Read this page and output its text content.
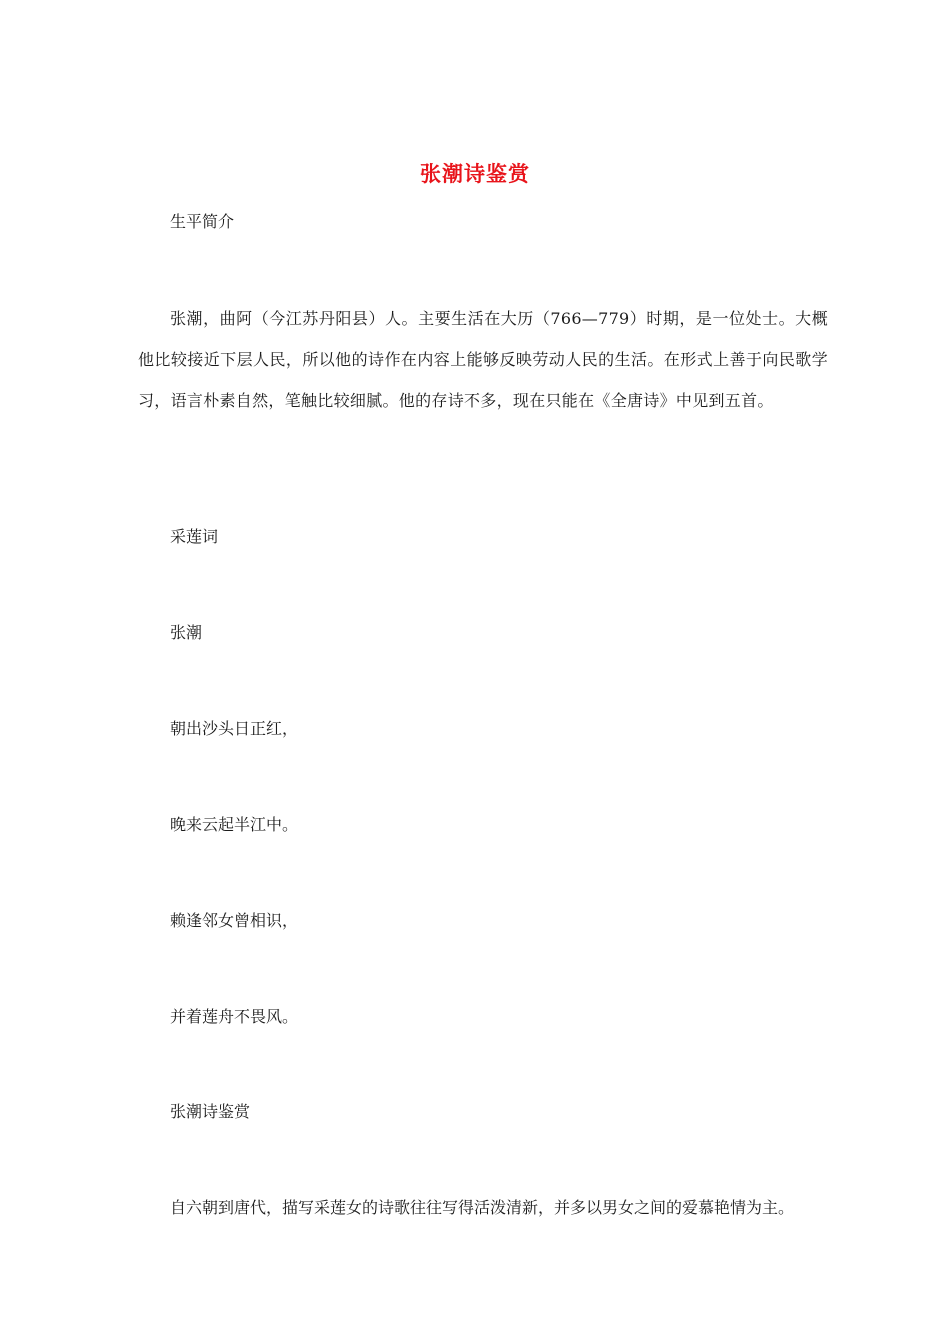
张潮诗鉴赏
生平简介
张潮，曲阿（今江苏丹阳县）人。主要生活在大历（766—779）时期，是一位处士。大概他比较接近下层人民，所以他的诗作在内容上能够反映劳动人民的生活。在形式上善于向民歌学习，语言朴素自然，笔触比较细腻。他的存诗不多，现在只能在《全唐诗》中见到五首。
采莲词
张潮
朝出沙头日正红，
晚来云起半江中。
赖逢邻女曾相识，
并着莲舟不畏风。
张潮诗鉴赏
自六朝到唐代，描写采莲女的诗歌往往写得活泼清新，并多以男女之间的爱慕艳情为主。
